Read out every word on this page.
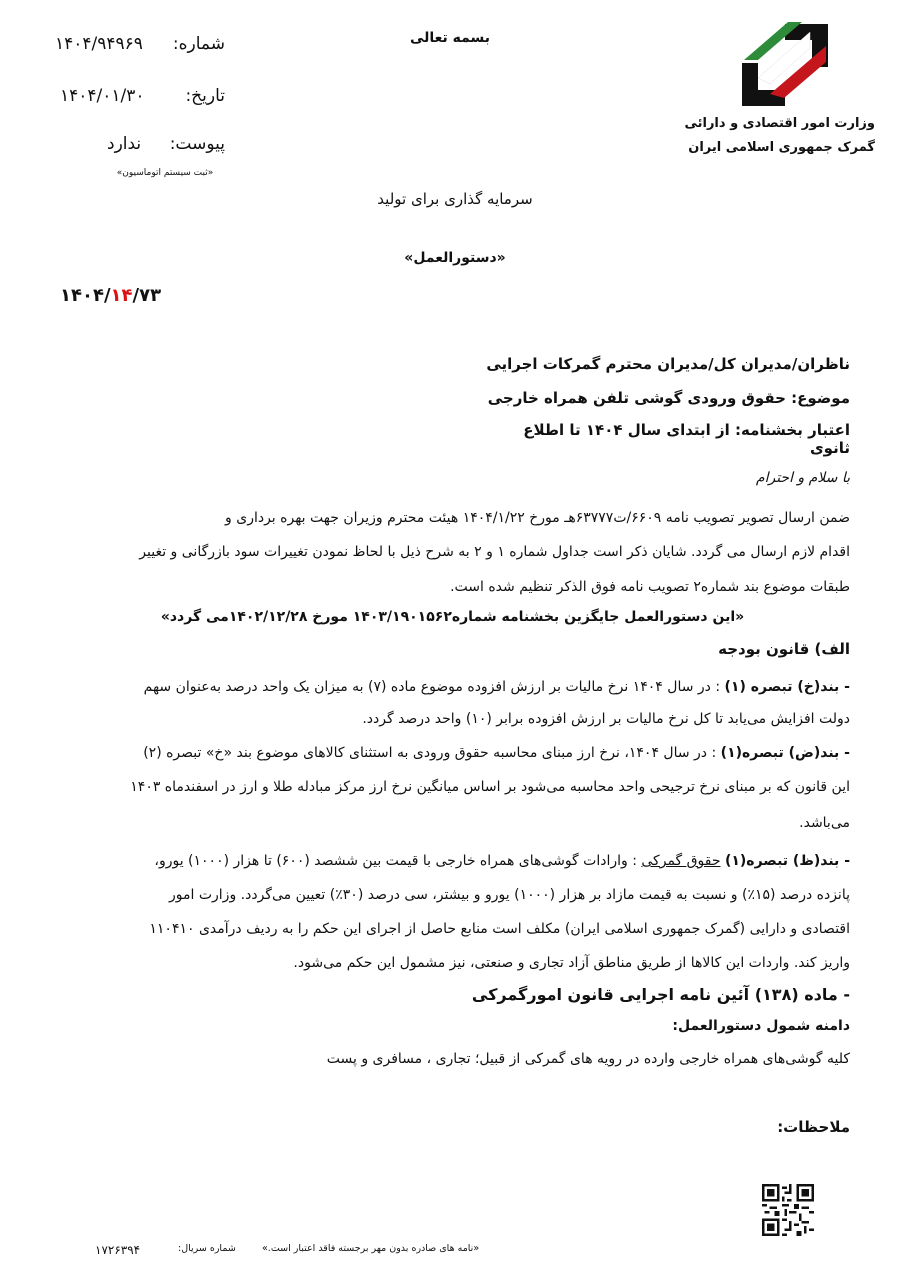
شماره:
۱۴۰۴/۹۴۹۶۹
تاریخ:
۱۴۰۴/۰۱/۳۰
پیوست:
ندارد
«ثبت سیستم اتوماسیون»
بسمه تعالی
وزارت امور اقتصادی و دارائی
گمرک جمهوری اسلامی ایران
سرمایه گذاری برای تولید
«دستورالعمل»
۱۴۰۴/۱۴/۷۳
ناظران/مدیران کل/مدیران محترم گمرکات اجرایی
موضوع: حقوق ورودی گوشی تلفن همراه خارجی
اعتبار بخشنامه: از ابتدای سال ۱۴۰۴ تا اطلاع ثانوی
با سلام و احترام
ضمن ارسال تصویر تصویب نامه ۶۶۰۹/ت۶۳۷۷۷هـ مورخ ۱۴۰۴/۱/۲۲ هیئت محترم وزیران جهت بهره برداری و
اقدام لازم ارسال می گردد. شایان ذکر است جداول شماره ۱ و ۲ به شرح ذیل با لحاظ نمودن تغییرات سود بازرگانی و تغییر
طبقات موضوع بند شماره۲ تصویب نامه فوق الذکر تنظیم شده است.
«این دستورالعمل جایگزین بخشنامه شماره۱۴۰۳/۱۹۰۱۵۶۲ مورخ ۱۴۰۲/۱۲/۲۸می گردد»
الف) قانون بودجه
- بند(خ) تبصره (۱) : در سال ۱۴۰۴ نرخ مالیات بر ارزش افزوده موضوع ماده (۷) به میزان یک واحد درصد به‌عنوان سهم
دولت افزایش می‌یابد تا کل نرخ مالیات بر ارزش افزوده برابر (۱۰) واحد درصد گردد.
- بند(ض) تبصره(۱) : در سال ۱۴۰۴، نرخ ارز مبنای محاسبه حقوق ورودی به استثنای کالاهای موضوع بند «خ» تبصره (۲)
این قانون که بر مبنای نرخ ترجیحی واحد محاسبه می‌شود بر اساس میانگین نرخ ارز مرکز مبادله طلا و ارز در اسفندماه ۱۴۰۳
می‌باشد.
- بند(ظ) تبصره(۱) حقوق گمرکی : وارادات گوشی‌های همراه خارجی با قیمت بین ششصد (۶۰۰) تا هزار (۱۰۰۰) یورو،
پانزده درصد (۱۵٪) و نسبت به قیمت مازاد بر هزار (۱۰۰۰) یورو و بیشتر، سی درصد (۳۰٪) تعیین می‌گردد. وزارت امور
اقتصادی و دارایی (گمرک جمهوری اسلامی ایران) مکلف است منابع حاصل از اجرای این حکم را به ردیف درآمدی ۱۱۰۴۱۰
واریز کند. واردات این کالاها از طریق مناطق آزاد تجاری و صنعتی، نیز مشمول این حکم می‌شود.
- ماده (۱۳۸) آئین نامه اجرایی قانون امورگمرکی
دامنه شمول دستورالعمل:
کلیه گوشی‌های همراه خارجی وارده در رویه های گمرکی از قبیل؛ تجاری ، مسافری و پست
ملاحظات:
۱۷۲۶۳۹۴	شماره سریال:	«نامه های صادره بدون مهر برجسته فاقد اعتبار است.»
